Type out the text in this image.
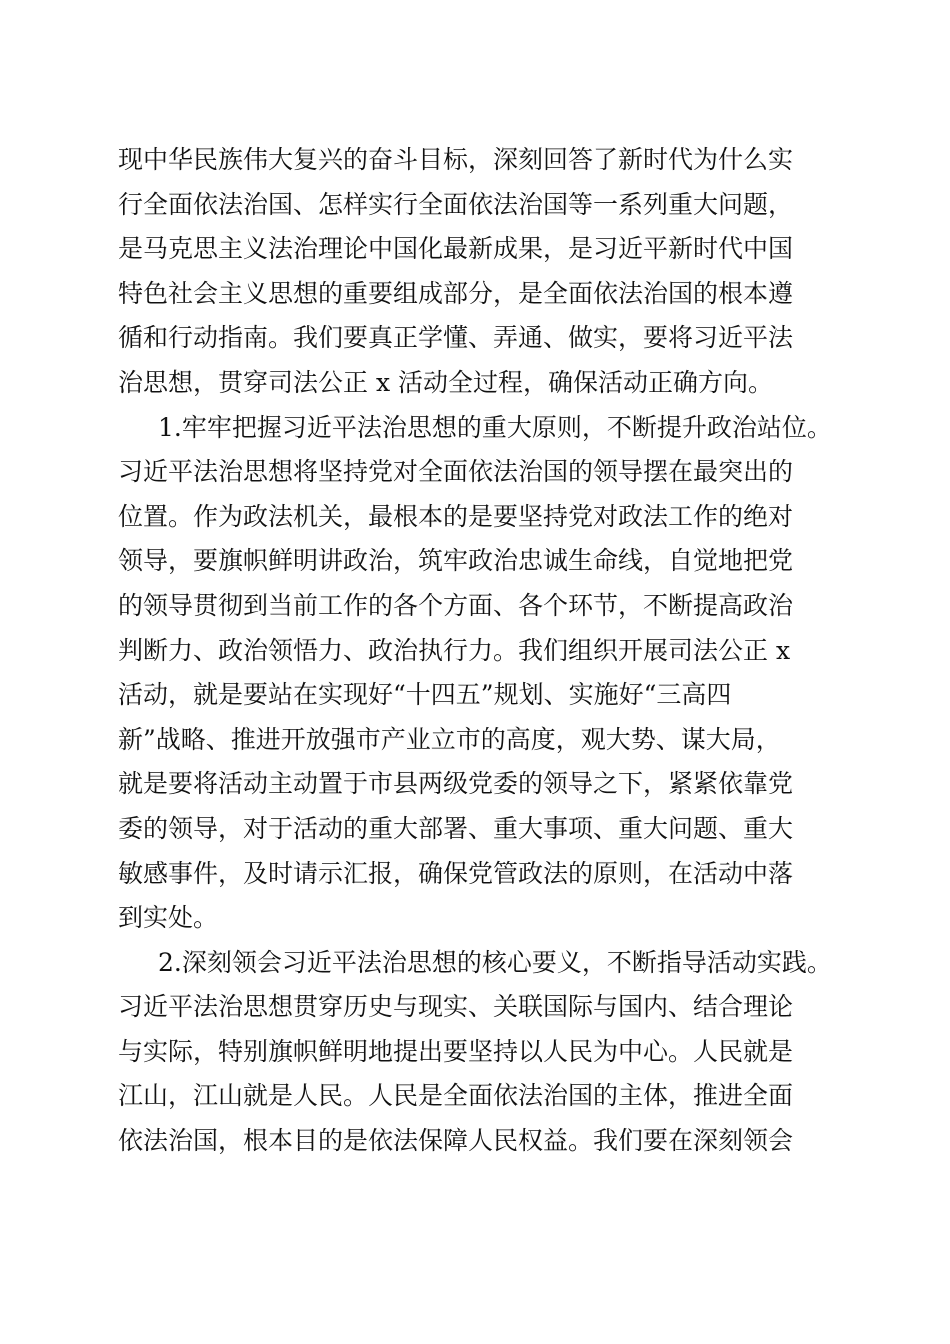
现中华民族伟大复兴的奋斗目标，深刻回答了新时代为什么实
行全面依法治国、怎样实行全面依法治国等一系列重大问题，
是马克思主义法治理论中国化最新成果，是习近平新时代中国
特色社会主义思想的重要组成部分，是全面依法治国的根本遵
循和行动指南。我们要真正学懂、弄通、做实，要将习近平法
治思想，贯穿司法公正 x 活动全过程，确保活动正确方向。
1.牢牢把握习近平法治思想的重大原则，不断提升政治站位。
习近平法治思想将坚持党对全面依法治国的领导摆在最突出的
位置。作为政法机关，最根本的是要坚持党对政法工作的绝对
领导，要旗帜鲜明讲政治，筑牢政治忠诚生命线，自觉地把党
的领导贯彻到当前工作的各个方面、各个环节，不断提高政治
判断力、政治领悟力、政治执行力。我们组织开展司法公正 x
活动，就是要站在实现好“十四五”规划、实施好“三高四
新”战略、推进开放强市产业立市的高度，观大势、谋大局，
就是要将活动主动置于市县两级党委的领导之下，紧紧依靠党
委的领导，对于活动的重大部署、重大事项、重大问题、重大
敏感事件，及时请示汇报，确保党管政法的原则，在活动中落
到实处。
2.深刻领会习近平法治思想的核心要义，不断指导活动实践。
习近平法治思想贯穿历史与现实、关联国际与国内、结合理论
与实际，特别旗帜鲜明地提出要坚持以人民为中心。人民就是
江山，江山就是人民。人民是全面依法治国的主体，推进全面
依法治国，根本目的是依法保障人民权益。我们要在深刻领会
